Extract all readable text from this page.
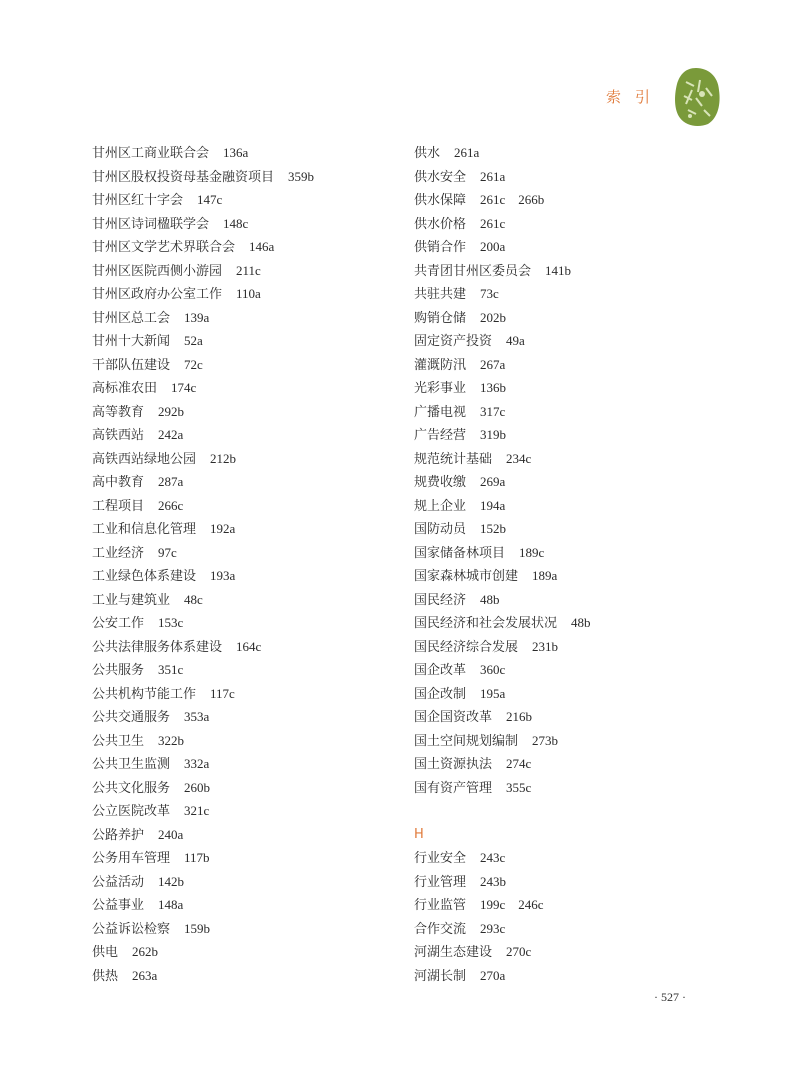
索引
甘州区工商业联合会 136a
甘州区股权投资母基金融资项目 359b
甘州区红十字会 147c
甘州区诗词楹联学会 148c
甘州区文学艺术界联合会 146a
甘州区医院西侧小游园 211c
甘州区政府办公室工作 110a
甘州区总工会 139a
甘州十大新闻 52a
干部队伍建设 72c
高标准农田 174c
高等教育 292b
高铁西站 242a
高铁西站绿地公园 212b
高中教育 287a
工程项目 266c
工业和信息化管理 192a
工业经济 97c
工业绿色体系建设 193a
工业与建筑业 48c
公安工作 153c
公共法律服务体系建设 164c
公共服务 351c
公共机构节能工作 117c
公共交通服务 353a
公共卫生 322b
公共卫生监测 332a
公共文化服务 260b
公立医院改革 321c
公路养护 240a
公务用车管理 117b
公益活动 142b
公益事业 148a
公益诉讼检察 159b
供电 262b
供热 263a
供水 261a
供水安全 261a
供水保障 261c　266b
供水价格 261c
供销合作 200a
共青团甘州区委员会 141b
共驻共建 73c
购销仓储 202b
固定资产投资 49a
灌溉防汛 267a
光彩事业 136b
广播电视 317c
广告经营 319b
规范统计基础 234c
规费收缴 269a
规上企业 194a
国防动员 152b
国家储备林项目 189c
国家森林城市创建 189a
国民经济 48b
国民经济和社会发展状况 48b
国民经济综合发展 231b
国企改革 360c
国企改制 195a
国企国资改革 216b
国土空间规划编制 273b
国土资源执法 274c
国有资产管理 355c
H
行业安全 243c
行业管理 243b
行业监管 199c　246c
合作交流 293c
河湖生态建设 270c
河湖长制 270a
· 527 ·
